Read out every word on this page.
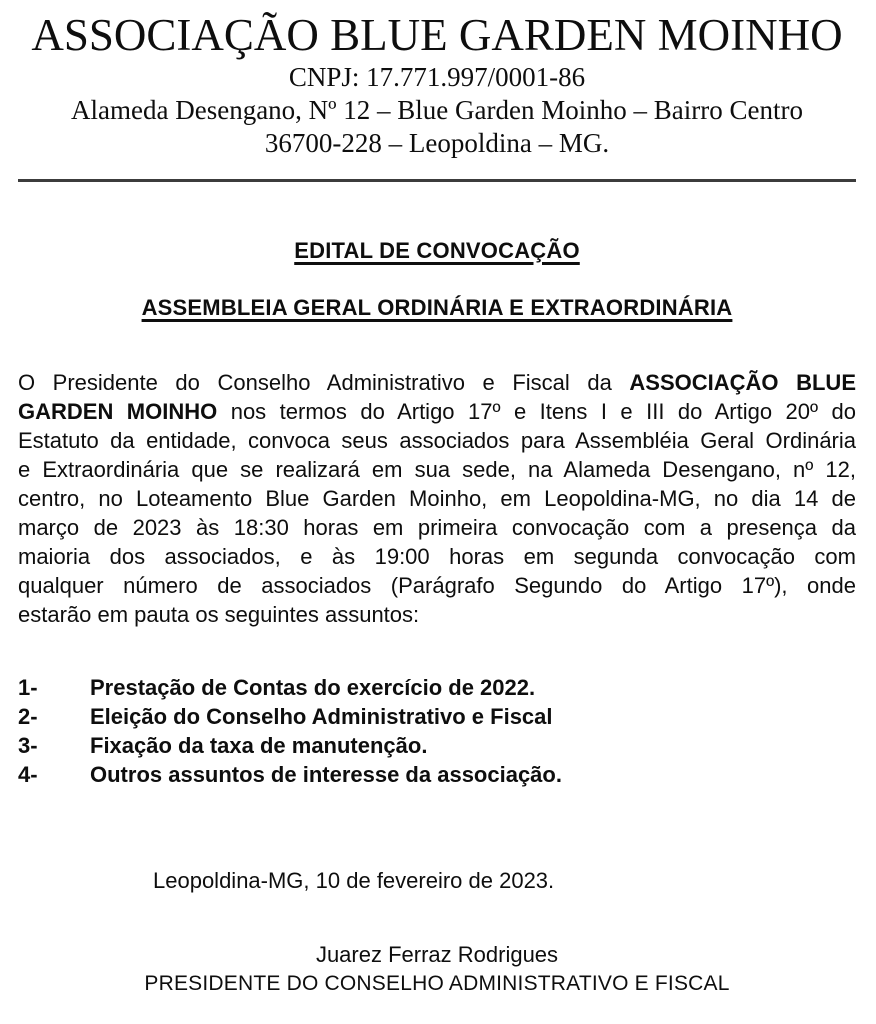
ASSOCIAÇÃO BLUE GARDEN MOINHO
CNPJ: 17.771.997/0001-86
Alameda Desengano, Nº 12 – Blue Garden Moinho – Bairro Centro
36700-228 – Leopoldina – MG.
EDITAL DE CONVOCAÇÃO
ASSEMBLEIA GERAL ORDINÁRIA E EXTRAORDINÁRIA
O Presidente do Conselho Administrativo e Fiscal da ASSOCIAÇÃO BLUE
GARDEN MOINHO nos termos do Artigo 17º e Itens I e III do Artigo 20º do
Estatuto da entidade, convoca seus associados para Assembléia Geral Ordinária
e Extraordinária que se realizará em sua sede, na Alameda Desengano, nº 12,
centro, no Loteamento Blue Garden Moinho, em Leopoldina-MG, no dia 14 de
março de 2023 às 18:30 horas em primeira convocação com a presença da
maioria dos associados, e às 19:00 horas em segunda convocação com
qualquer número de associados (Parágrafo Segundo do Artigo 17º), onde
estarão em pauta os seguintes assuntos:
1-	Prestação de Contas do exercício de 2022.
2-	Eleição do Conselho Administrativo e Fiscal
3-	Fixação da taxa de manutenção.
4-	Outros assuntos de interesse da associação.
Leopoldina-MG, 10 de fevereiro de 2023.
Juarez Ferraz Rodrigues
PRESIDENTE DO CONSELHO ADMINISTRATIVO E FISCAL
